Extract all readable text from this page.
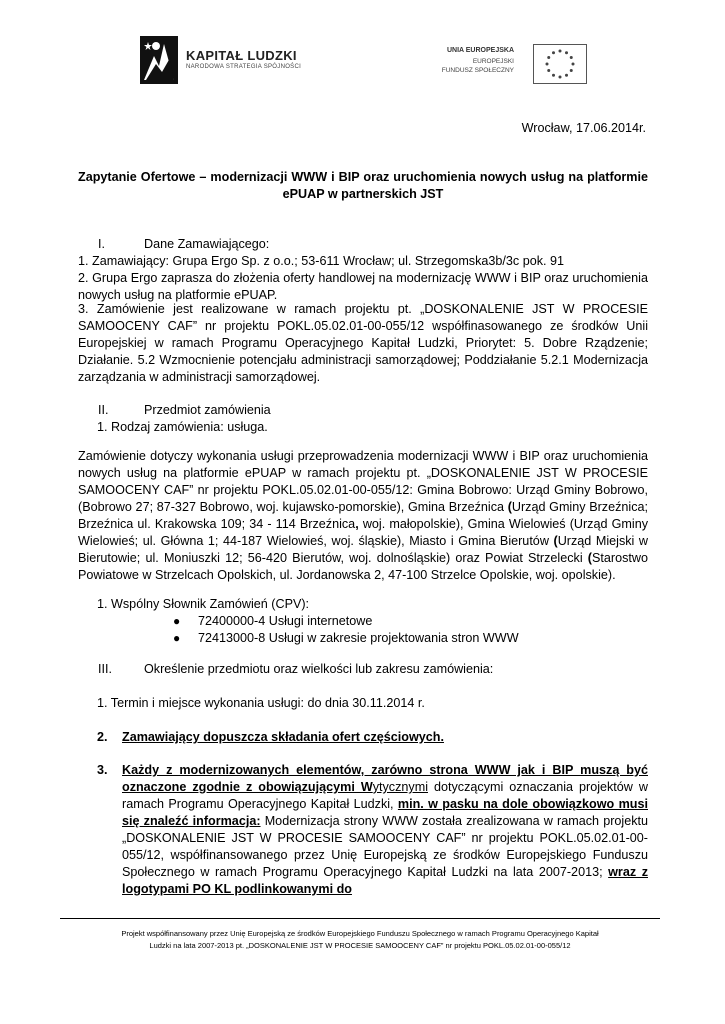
KAPITAŁ LUDZKI
NARODOWA STRATEGIA SPÓJNOŚCI
UNIA EUROPEJSKA
EUROPEJSKI
FUNDUSZ SPOŁECZNY
Wrocław, 17.06.2014r.
Zapytanie Ofertowe – modernizacji WWW i BIP oraz uruchomienia nowych usług na platformie ePUAP w partnerskich JST
I.	Dane Zamawiającego:
1. Zamawiający: Grupa Ergo Sp. z o.o.; 53-611 Wrocław; ul. Strzegomska3b/3c pok. 91
2. Grupa Ergo zaprasza do złożenia oferty handlowej na modernizację WWW i BIP oraz uruchomienia nowych usług na platformie ePUAP.
3. Zamówienie jest realizowane w ramach projektu pt. „DOSKONALENIE JST W PROCESIE SAMOOCENY CAF” nr projektu POKL.05.02.01-00-055/12 współfinasowanego ze środków Unii Europejskiej w ramach Programu Operacyjnego Kapitał Ludzki, Priorytet: 5. Dobre Rządzenie; Działanie. 5.2 Wzmocnienie potencjału administracji samorządowej; Poddziałanie 5.2.1 Modernizacja zarządzania w administracji samorządowej.
II.	Przedmiot zamówienia
1. Rodzaj zamówienia: usługa.
Zamówienie dotyczy wykonania usługi przeprowadzenia modernizacji WWW i BIP oraz uruchomienia nowych usług na platformie ePUAP w ramach projektu pt. „DOSKONALENIE JST W PROCESIE SAMOOCENY CAF” nr projektu POKL.05.02.01-00-055/12: Gmina Bobrowo: Urząd Gminy Bobrowo, (Bobrowo 27; 87-327 Bobrowo, woj. kujawsko-pomorskie), Gmina Brzeźnica (Urząd Gminy Brzeźnica; Brzeźnica ul. Krakowska 109; 34 - 114 Brzeźnica, woj. małopolskie), Gmina Wielowieś (Urząd Gminy Wielowieś; ul. Główna 1; 44-187 Wielowieś, woj. śląskie), Miasto i Gmina Bierutów (Urząd Miejski w Bierutowie; ul. Moniuszki 12; 56-420 Bierutów, woj. dolnośląskie) oraz Powiat Strzelecki (Starostwo Powiatowe w Strzelcach Opolskich, ul. Jordanowska 2, 47-100 Strzelce Opolskie, woj. opolskie).
1. Wspólny Słownik Zamówień (CPV):
● 72400000-4 Usługi internetowe
● 72413000-8 Usługi w zakresie projektowania stron WWW
III.	Określenie przedmiotu oraz wielkości lub zakresu zamówienia:
1. Termin i miejsce wykonania usługi: do dnia 30.11.2014 r.
2. Zamawiający dopuszcza składania ofert częściowych.
3. Każdy z modernizowanych elementów, zarówno strona WWW jak i BIP muszą być oznaczone zgodnie z obowiązującymi Wytycznymi dotyczącymi oznaczania projektów w ramach Programu Operacyjnego Kapitał Ludzki, min. w pasku na dole obowiązkowo musi się znaleźć informacja: Modernizacja strony WWW została zrealizowana w ramach projektu „DOSKONALENIE JST W PROCESIE SAMOOCENY CAF” nr projektu POKL.05.02.01-00-055/12, współfinansowanego przez Unię Europejską ze środków Europejskiego Funduszu Społecznego w ramach Programu Operacyjnego Kapitał Ludzki na lata 2007-2013; wraz z logotypami PO KL podlinkowanymi do
Projekt współfinansowany przez Unię Europejską ze środków Europejskiego Funduszu Społecznego w ramach Programu Operacyjnego Kapitał
Ludzki na lata 2007-2013 pt. „DOSKONALENIE JST W PROCESIE SAMOOCENY CAF” nr projektu POKL.05.02.01-00-055/12
